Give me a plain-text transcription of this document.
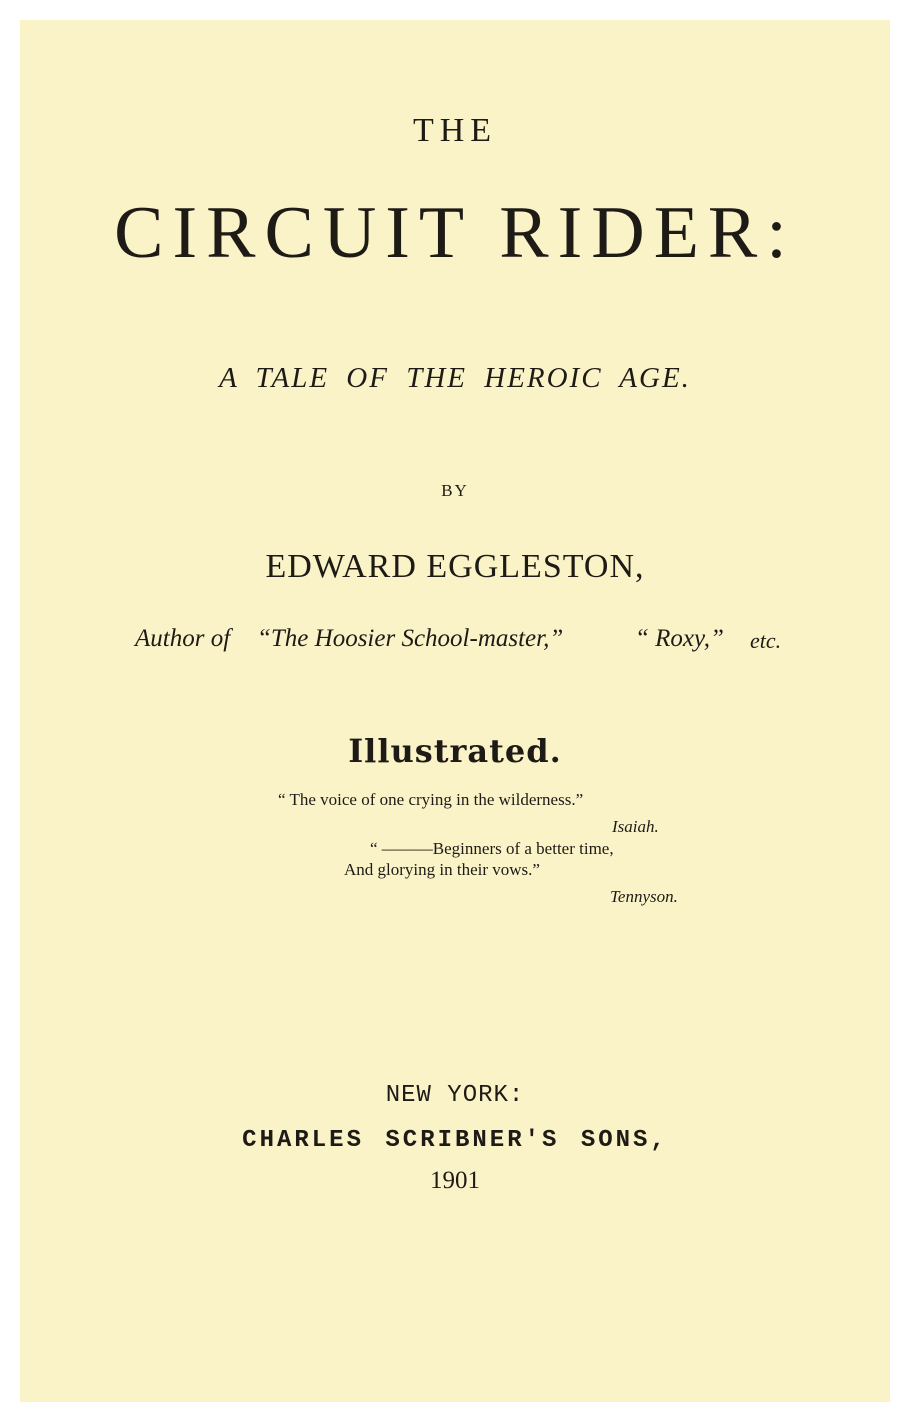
THE
CIRCUIT RIDER:
A TALE OF THE HEROIC AGE.
BY
EDWARD EGGLESTON,
Author of “The Hoosier School-master,”	“ Roxy,” etc.
Illustrated.
“ The voice of one crying in the wilderness.”
Isaiah.
“ ———Beginners of a better time,
And glorying in their vows.”
Tennyson.
NEW YORK:
CHARLES SCRIBNER'S SONS,
1901
